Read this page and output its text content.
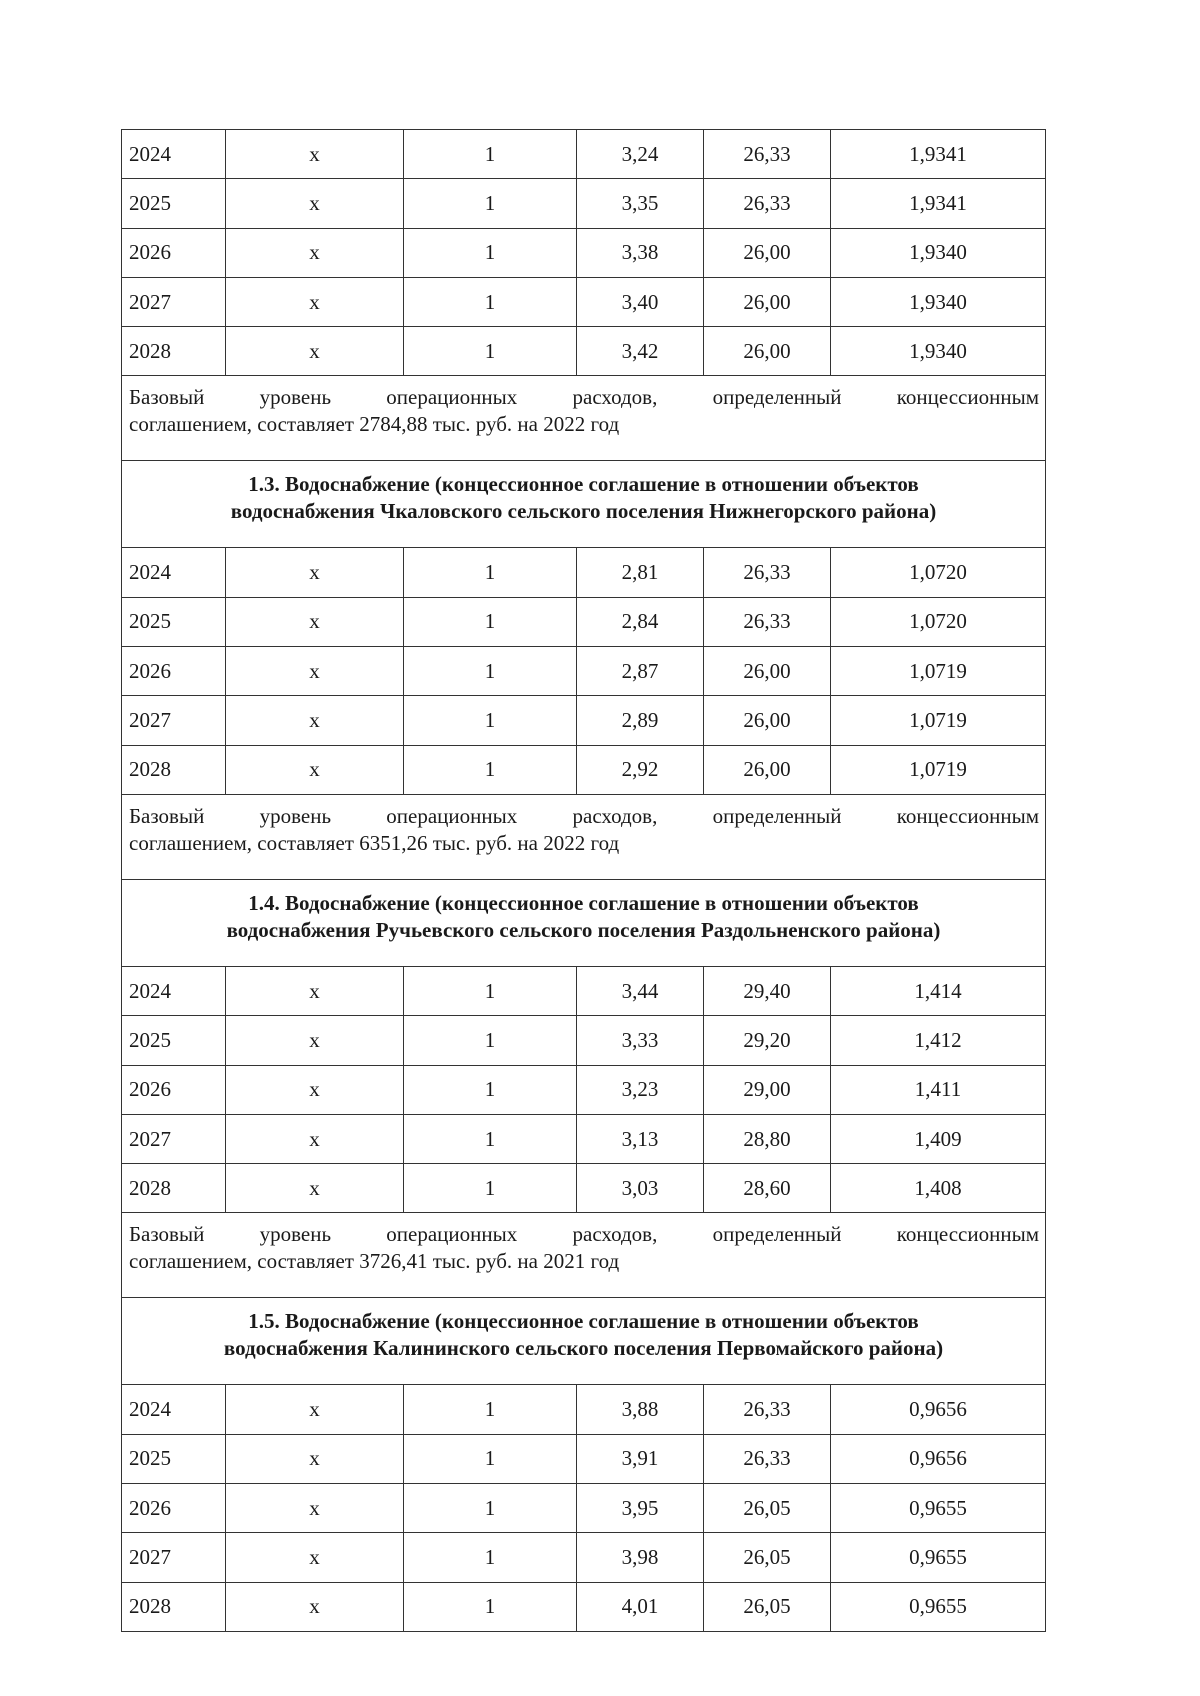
2024	x	1	3,24	26,33	1,9341
2025	x	1	3,35	26,33	1,9341
2026	x	1	3,38	26,00	1,9340
2027	x	1	3,40	26,00	1,9340
2028	x	1	3,42	26,00	1,9340

Базовый уровень операционных расходов, определенный концессионным
соглашением, составляет 2784,88 тыс. руб. на 2022 год					

1.3. Водоснабжение (концессионное соглашение в отношении объектов
водоснабжения Чкаловского сельского поселения Нижнегорского района)					

2024	x	1	2,81	26,33	1,0720
2025	x	1	2,84	26,33	1,0720
2026	x	1	2,87	26,00	1,0719
2027	x	1	2,89	26,00	1,0719
2028	x	1	2,92	26,00	1,0719

Базовый уровень операционных расходов, определенный концессионным
соглашением, составляет 6351,26 тыс. руб. на 2022 год					

1.4. Водоснабжение (концессионное соглашение в отношении объектов
водоснабжения Ручьевского сельского поселения Раздольненского района)					

2024	x	1	3,44	29,40	1,414
2025	x	1	3,33	29,20	1,412
2026	x	1	3,23	29,00	1,411
2027	x	1	3,13	28,80	1,409
2028	x	1	3,03	28,60	1,408

Базовый уровень операционных расходов, определенный концессионным
соглашением, составляет 3726,41 тыс. руб. на 2021 год					

1.5. Водоснабжение (концессионное соглашение в отношении объектов
водоснабжения Калининского сельского поселения Первомайского района)					

2024	x	1	3,88	26,33	0,9656
2025	x	1	3,91	26,33	0,9656
2026	x	1	3,95	26,05	0,9655
2027	x	1	3,98	26,05	0,9655
2028	x	1	4,01	26,05	0,9655
